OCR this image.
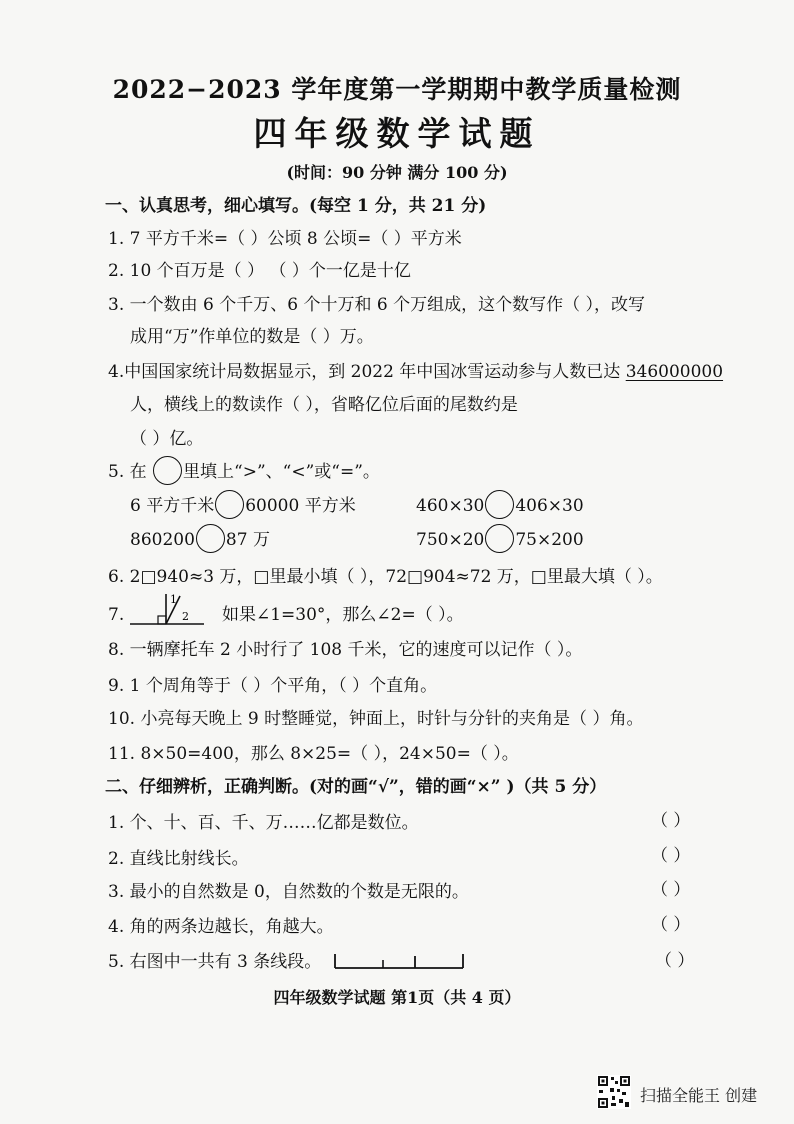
2022−2023 学年度第一学期期中教学质量检测
四年级数学试题
(时间：90 分钟 满分 100 分)
一、认真思考，细心填写。(每空 1 分，共 21 分)
1. 7 平方千米=（ ）公顷 8 公顷=（ ）平方米
2. 10 个百万是（ ） （ ）个一亿是十亿
3. 一个数由 6 个千万、6 个十万和 6 个万组成，这个数写作（ ），改写
成用“万”作单位的数是（ ）万。
4.中国国家统计局数据显示，到 2022 年中国冰雪运动参与人数已达 346000000
人，横线上的数读作（ ），省略亿位后面的尾数约是
（ ）亿。
5. 在 里填上“>”、“<”或“=”。
6 平方千米 60000 平方米	460×30 406×30
860200 87 万	750×20 75×200
6. 2□940≈3 万，□里最小填（ ），72□904≈72 万，□里最大填（ ）。
7.
1
2 如果∠1=30°，那么∠2=（ ）。
8. 一辆摩托车 2 小时行了 108 千米，它的速度可以记作（ ）。
9. 1 个周角等于（ ）个平角，（ ）个直角。
10. 小亮每天晚上 9 时整睡觉，钟面上，时针与分针的夹角是（ ）角。
11. 8×50=400，那么 8×25=（ ），24×50=（ ）。
二、仔细辨析，正确判断。(对的画“√”，错的画“×” )（共 5 分）
1. 个、十、百、千、万……亿都是数位。	（ ）
2. 直线比射线长。	（ ）
3. 最小的自然数是 0，自然数的个数是无限的。	（ ）
4. 角的两条边越长，角越大。	（ ）
5. 右图中一共有 3 条线段。	（ ）
四年级数学试题 第1页（共 4 页）
扫描全能王 创建
